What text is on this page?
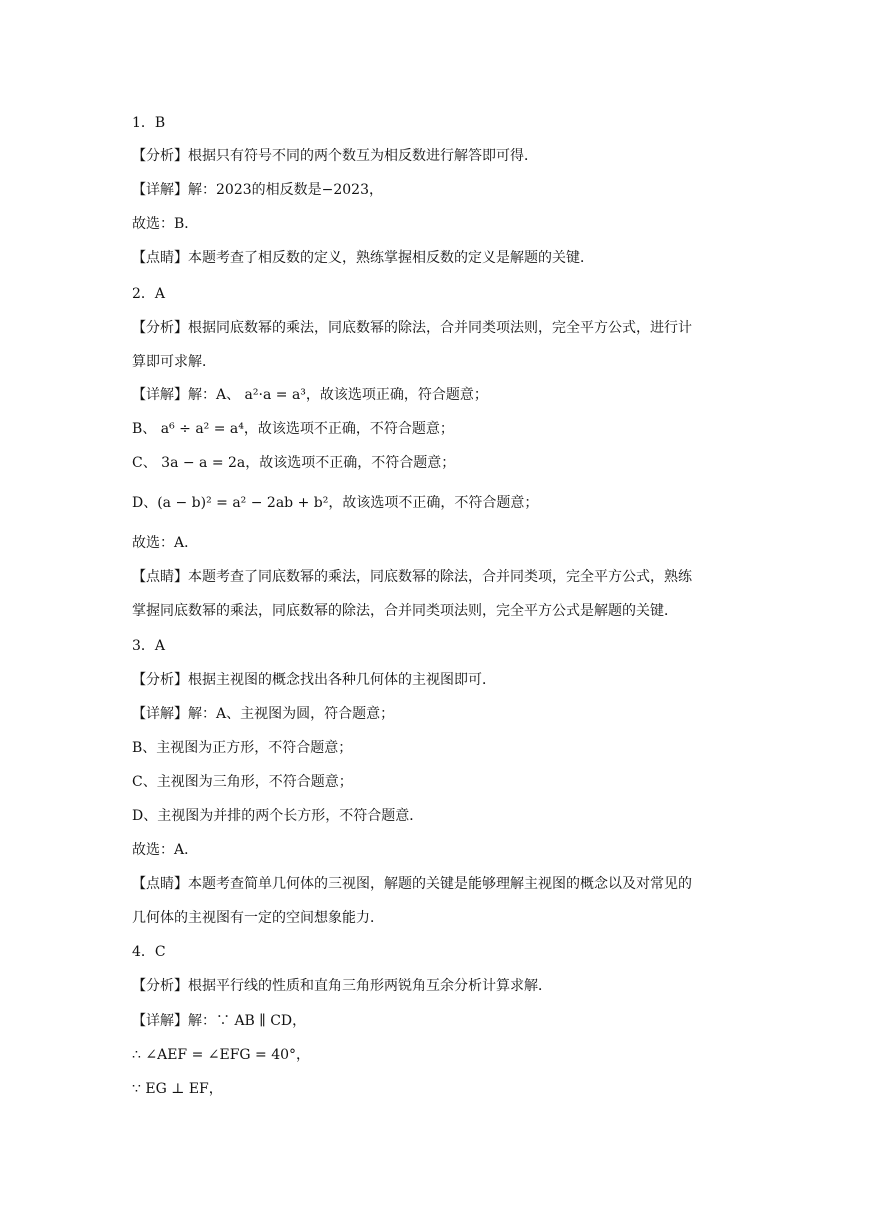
1．B
【分析】根据只有符号不同的两个数互为相反数进行解答即可得．
【详解】解：2023的相反数是−2023，
故选：B．
【点睛】本题考查了相反数的定义，熟练掌握相反数的定义是解题的关键．
2．A
【分析】根据同底数幂的乘法，同底数幂的除法，合并同类项法则，完全平方公式，进行计
算即可求解．
【详解】解：A、 a²·a = a³，故该选项正确，符合题意；
B、 a⁶ ÷ a² = a⁴，故该选项不正确，不符合题意；
C、 3a − a = 2a，故该选项不正确，不符合题意；
D、(a − b)² = a² − 2ab + b²，故该选项不正确，不符合题意；
故选：A．
【点睛】本题考查了同底数幂的乘法，同底数幂的除法，合并同类项，完全平方公式，熟练
掌握同底数幂的乘法，同底数幂的除法，合并同类项法则，完全平方公式是解题的关键．
3．A
【分析】根据主视图的概念找出各种几何体的主视图即可．
【详解】解：A、主视图为圆，符合题意；
B、主视图为正方形，不符合题意；
C、主视图为三角形，不符合题意；
D、主视图为并排的两个长方形，不符合题意．
故选：A．
【点睛】本题考查简单几何体的三视图，解题的关键是能够理解主视图的概念以及对常见的
几何体的主视图有一定的空间想象能力．
4．C
【分析】根据平行线的性质和直角三角形两锐角互余分析计算求解．
【详解】解：∵ AB ∥ CD，
∴ ∠AEF = ∠EFG = 40°，
∵ EG ⊥ EF，
